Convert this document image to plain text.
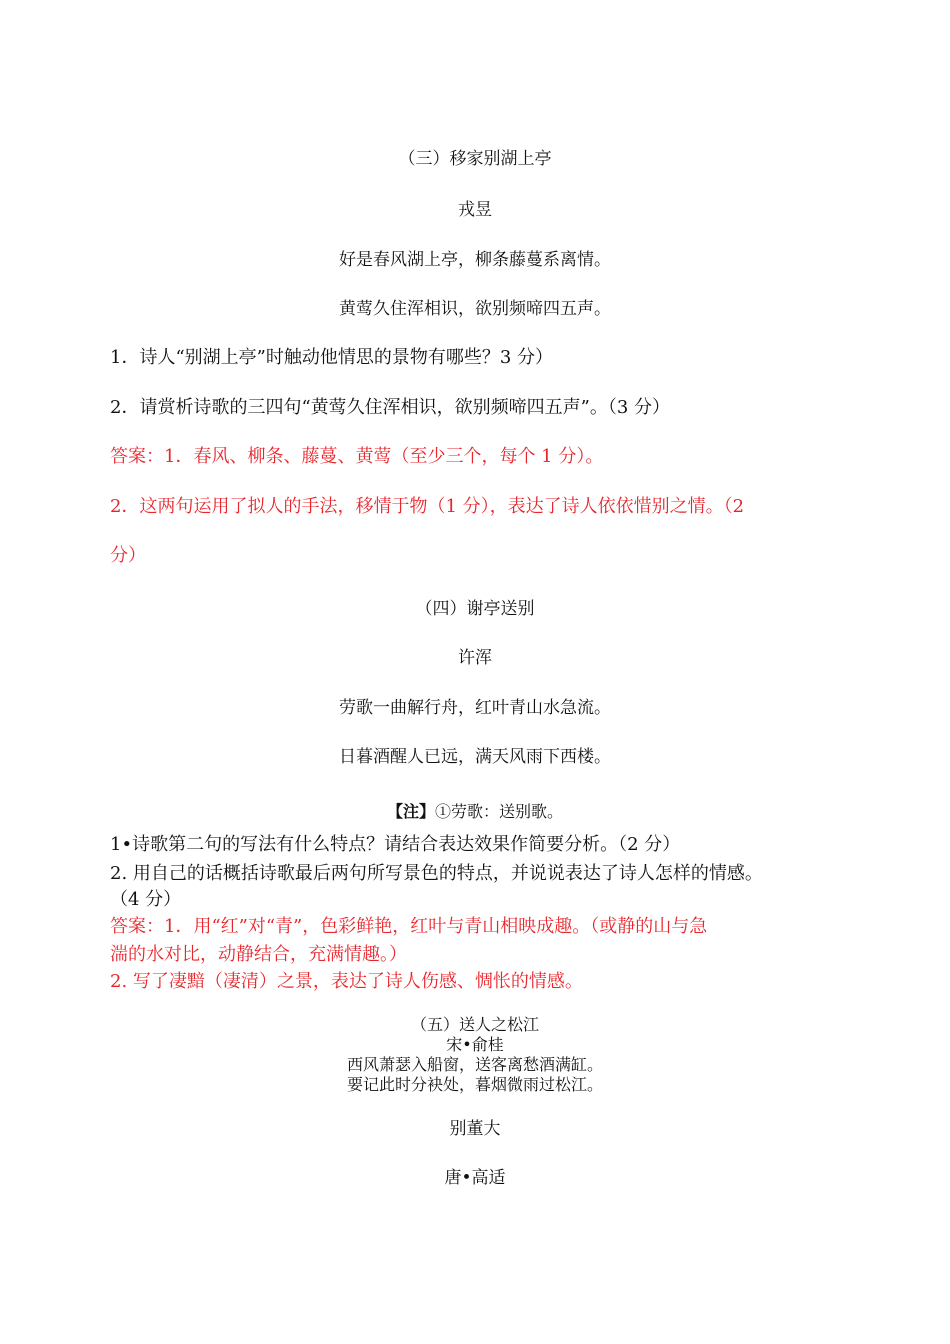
（三）移家别湖上亭
戎昱
好是春风湖上亭，柳条藤蔓系离情。
黄莺久住浑相识，欲别频啼四五声。
1．诗人“别湖上亭”时触动他情思的景物有哪些？3 分）
2．请赏析诗歌的三四句“黄莺久住浑相识，欲别频啼四五声”。（3 分）
答案：1．春风、柳条、藤蔓、黄莺（至少三个，每个 1 分）。
2．这两句运用了拟人的手法，移情于物（1 分），表达了诗人依依惜别之情。（2
分）
（四）谢亭送别
许浑
劳歌一曲解行舟，红叶青山水急流。
日暮酒醒人已远，满天风雨下西楼。
【注】①劳歌：送别歌。
1•诗歌第二句的写法有什么特点？请结合表达效果作简要分析。（2 分）
2. 用自己的话概括诗歌最后两句所写景色的特点，并说说表达了诗人怎样的情感。
（4 分）
答案：1．用“红”对“青”，色彩鲜艳，红叶与青山相映成趣。（或静的山与急
湍的水对比，动静结合，充满情趣。）
2. 写了凄黯（凄清）之景，表达了诗人伤感、惆怅的情感。
（五）送人之松江
宋•俞桂
西风萧瑟入船窗，送客离愁酒满缸。
要记此时分袂处，暮烟微雨过松江。
别董大
唐•高适
